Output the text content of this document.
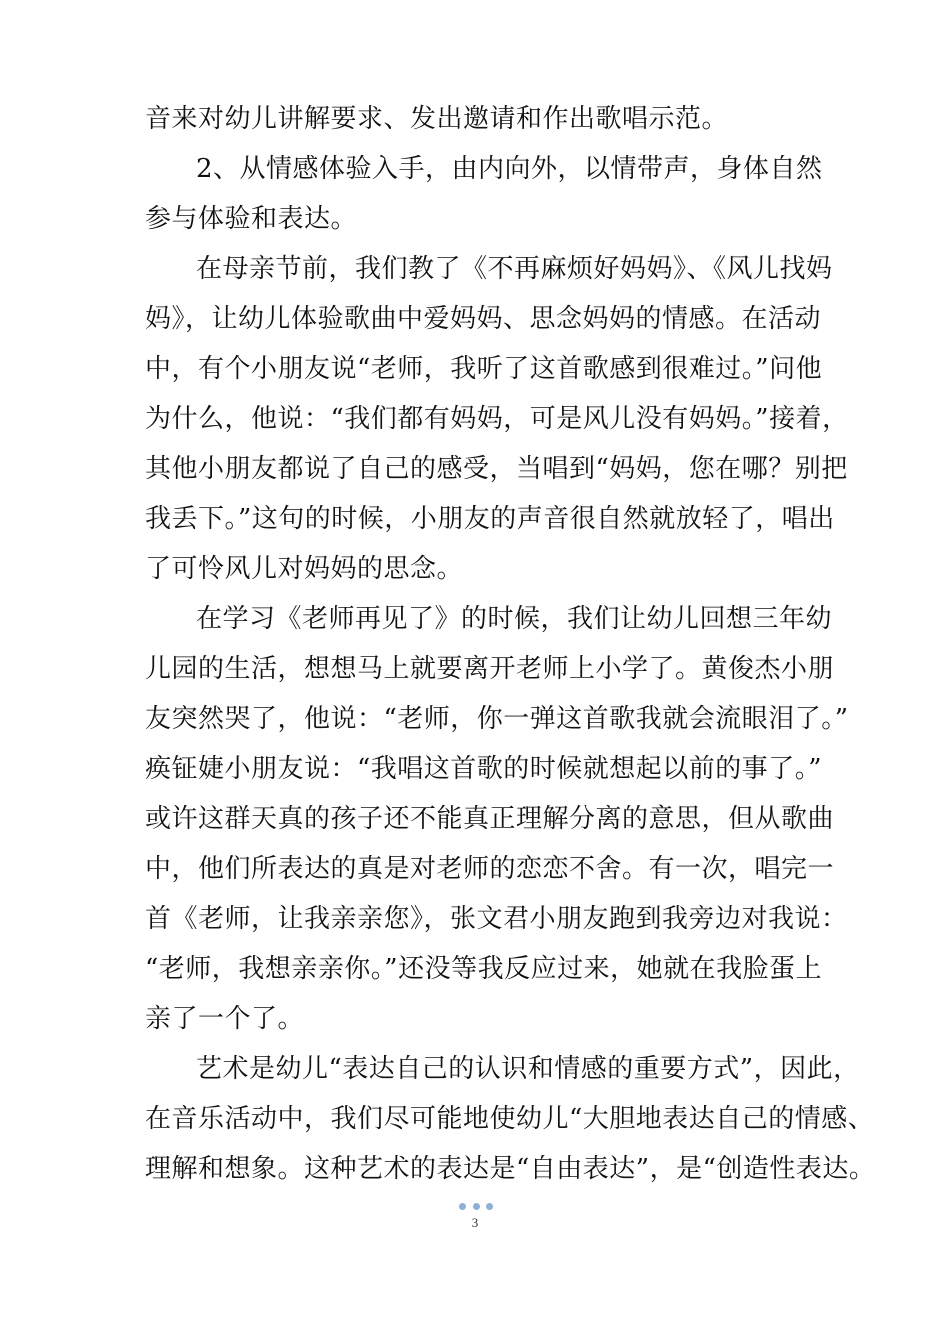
音来对幼儿讲解要求、发出邀请和作出歌唱示范。
2、从情感体验入手，由内向外，以情带声，身体自然
参与体验和表达。
在母亲节前，我们教了《不再麻烦好妈妈》、《风儿找妈
妈》，让幼儿体验歌曲中爱妈妈、思念妈妈的情感。在活动
中，有个小朋友说“老师，我听了这首歌感到很难过。”问他
为什么，他说：“我们都有妈妈，可是风儿没有妈妈。”接着，
其他小朋友都说了自己的感受，当唱到“妈妈，您在哪？别把
我丢下。”这句的时候，小朋友的声音很自然就放轻了，唱出
了可怜风儿对妈妈的思念。
在学习《老师再见了》的时候，我们让幼儿回想三年幼
儿园的生活，想想马上就要离开老师上小学了。黄俊杰小朋
友突然哭了，他说：“老师，你一弹这首歌我就会流眼泪了。”
痪钲婕小朋友说：“我唱这首歌的时候就想起以前的事了。”
或许这群天真的孩子还不能真正理解分离的意思，但从歌曲
中，他们所表达的真是对老师的恋恋不舍。有一次，唱完一
首《老师，让我亲亲您》，张文君小朋友跑到我旁边对我说：
“老师，我想亲亲你。”还没等我反应过来，她就在我脸蛋上
亲了一个了。
艺术是幼儿“表达自己的认识和情感的重要方式”，因此，
在音乐活动中，我们尽可能地使幼儿“大胆地表达自己的情感、
理解和想象。这种艺术的表达是“自由表达”，是“创造性表达。
3
